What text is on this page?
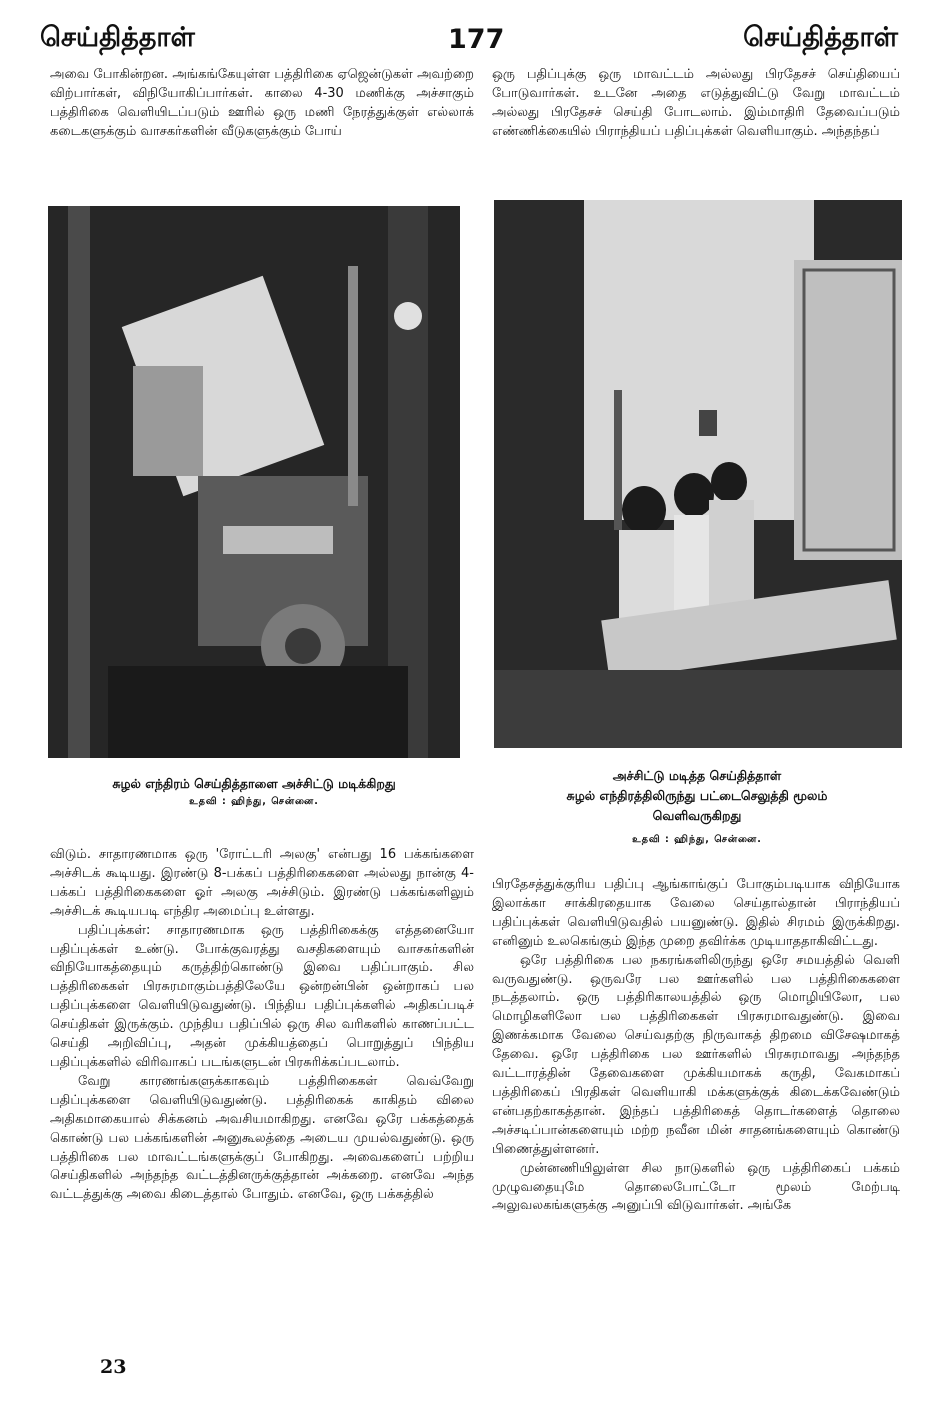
செய்தித்தாள்	177	செய்தித்தாள்

அவை போகின்றன. அங்கங்கேயுள்ள பத்திரிகை ஏஜென்டுகள் அவற்றை விற்பார்கள், விநியோகிப்பார்கள். காலை 4-30 மணிக்கு அச்சாகும் பத்திரிகை வெளியிடப்படும் ஊரில் ஒரு மணி நேரத்துக்குள் எல்லாக் கடைகளுக்கும் வாசகர்களின் வீடுகளுக்கும் போய்

ஒரு பதிப்புக்கு ஒரு மாவட்டம் அல்லது பிரதேசச் செய்தியைப் போடுவார்கள். உடனே அதை எடுத்துவிட்டு வேறு மாவட்டம் அல்லது பிரதேசச் செய்தி போடலாம். இம்மாதிரி தேவைப்படும் எண்ணிக்கையில் பிராந்தியப் பதிப்புக்கள் வெளியாகும். அந்தந்தப்

சுழல் எந்திரம் செய்தித்தாளை அச்சிட்டு மடிக்கிறது
உதவி : ஹிந்து, சென்னை.
அச்சிட்டு மடித்த செய்தித்தாள்
சுழல் எந்திரத்திலிருந்து பட்டைசெலுத்தி மூலம்
வெளிவருகிறது
உதவி : ஹிந்து, சென்னை.

விடும். சாதாரணமாக ஒரு 'ரோட்டரி அலகு' என்பது 16 பக்கங்களை அச்சிடக் கூடியது. இரண்டு 8-பக்கப் பத்திரிகைகளை அல்லது நான்கு 4-பக்கப் பத்திரிகைகளை ஓர் அலகு அச்சிடும். இரண்டு பக்கங்களிலும் அச்சிடக் கூடியபடி எந்திர அமைப்பு உள்ளது.

பதிப்புக்கள்: சாதாரணமாக ஒரு பத்திரிகைக்கு எத்தனையோ பதிப்புக்கள் உண்டு. போக்குவரத்து வசதிகளையும் வாசகர்களின் விநியோகத்தையும் கருத்திற்கொண்டு இவை பதிப்பாகும். சில பத்திரிகைகள் பிரசுரமாகும்பத்திலேயே ஒன்றன்பின் ஒன்றாகப் பல பதிப்புக்களை வெளியிடுவதுண்டு. பிந்திய பதிப்புக்களில் அதிகப்படிச் செய்திகள் இருக்கும். முந்திய பதிப்பில் ஒரு சில வரிகளில் காணப்பட்ட செய்தி அறிவிப்பு, அதன் முக்கியத்தைப் பொறுத்துப் பிந்திய பதிப்புக்களில் விரிவாகப் படங்களுடன் பிரசுரிக்கப்படலாம்.

வேறு காரணங்களுக்காகவும் பத்திரிகைகள் வெவ்வேறு பதிப்புக்களை வெளியிடுவதுண்டு. பத்திரிகைக் காகிதம் விலை அதிகமாகையால் சிக்கனம் அவசியமாகிறது. எனவே ஒரே பக்கத்தைக் கொண்டு பல பக்கங்களின் அனுகூலத்தை அடைய முயல்வதுண்டு. ஒரு பத்திரிகை பல மாவட்டங்களுக்குப் போகிறது. அவைகளைப் பற்றிய செய்திகளில் அந்தந்த வட்டத்தினருக்குத்தான் அக்கறை. எனவே அந்த வட்டத்துக்கு அவை கிடைத்தால் போதும். எனவே, ஒரு பக்கத்தில்

பிரதேசத்துக்குரிய பதிப்பு ஆங்காங்குப் போகும்படியாக விநியோக இலாக்கா சாக்கிரதையாக வேலை செய்தால்தான் பிராந்தியப் பதிப்புக்கள் வெளியிடுவதில் பயனுண்டு. இதில் சிரமம் இருக்கிறது. எனினும் உலகெங்கும் இந்த முறை தவிர்க்க முடியாததாகிவிட்டது.

ஒரே பத்திரிகை பல நகரங்களிலிருந்து ஒரே சமயத்தில் வெளி வருவதுண்டு. ஒருவரே பல ஊர்களில் பல பத்திரிகைகளை நடத்தலாம். ஒரு பத்திரிகாலயத்தில் ஒரு மொழியிலோ, பல மொழிகளிலோ பல பத்திரிகைகள் பிரசுரமாவதுண்டு. இவை இணக்கமாக வேலை செய்வதற்கு நிருவாகத் திறமை விசேஷமாகத் தேவை. ஒரே பத்திரிகை பல ஊர்களில் பிரசுரமாவது அந்தந்த வட்டாரத்தின் தேவைகளை முக்கியமாகக் கருதி, வேகமாகப் பத்திரிகைப் பிரதிகள் வெளியாகி மக்களுக்குக் கிடைக்கவேண்டும் என்பதற்காகத்தான். இந்தப் பத்திரிகைத் தொடர்களைத் தொலை அச்சடிப்பான்களையும் மற்ற நவீன மின் சாதனங்களையும் கொண்டு பிணைத்துள்ளனர்.

முன்னணியிலுள்ள சில நாடுகளில் ஒரு பத்திரிகைப் பக்கம் முழுவதையுமே தொலைபோட்டோ மூலம் மேற்படி அலுவலகங்களுக்கு அனுப்பி விடுவார்கள். அங்கே

23
